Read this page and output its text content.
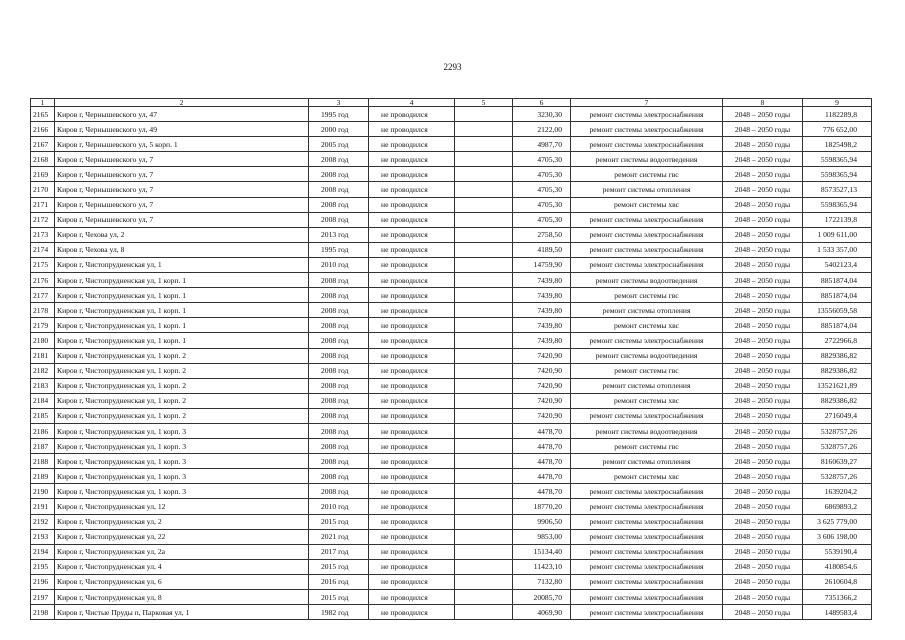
2293
1	2	3	4	5	6	7	8	9
2165	Киров г, Чернышевского ул, 47	1995 год	не проводился		3230,30	ремонт системы электроснабжения	2048 – 2050 годы	1182289,8
2166	Киров г, Чернышевского ул, 49	2000 год	не проводился		2122,00	ремонт системы электроснабжения	2048 – 2050 годы	776 652,00
2167	Киров г, Чернышевского ул, 5 корп. 1	2005 год	не проводился		4987,70	ремонт системы электроснабжения	2048 – 2050 годы	1825498,2
2168	Киров г, Чернышевского ул, 7	2008 год	не проводился		4705,30	ремонт системы водоотведения	2048 – 2050 годы	5598365,94
2169	Киров г, Чернышевского ул, 7	2008 год	не проводился		4705,30	ремонт системы гвс	2048 – 2050 годы	5598365,94
2170	Киров г, Чернышевского ул, 7	2008 год	не проводился		4705,30	ремонт системы отопления	2048 – 2050 годы	8573527,13
2171	Киров г, Чернышевского ул, 7	2008 год	не проводился		4705,30	ремонт системы хвс	2048 – 2050 годы	5598365,94
2172	Киров г, Чернышевского ул, 7	2008 год	не проводился		4705,30	ремонт системы электроснабжения	2048 – 2050 годы	1722139,8
2173	Киров г, Чехова ул, 2	2013 год	не проводился		2758,50	ремонт системы электроснабжения	2048 – 2050 годы	1 009 611,00
2174	Киров г, Чехова ул, 8	1995 год	не проводился		4189,50	ремонт системы электроснабжения	2048 – 2050 годы	1 533 357,00
2175	Киров г, Чистопрудненская ул, 1	2010 год	не проводился		14759,90	ремонт системы электроснабжения	2048 – 2050 годы	5402123,4
2176	Киров г, Чистопрудненская ул, 1 корп. 1	2008 год	не проводился		7439,80	ремонт системы водоотведения	2048 – 2050 годы	8851874,04
2177	Киров г, Чистопрудненская ул, 1 корп. 1	2008 год	не проводился		7439,80	ремонт системы гвс	2048 – 2050 годы	8851874,04
2178	Киров г, Чистопрудненская ул, 1 корп. 1	2008 год	не проводился		7439,80	ремонт системы отопления	2048 – 2050 годы	13556059,58
2179	Киров г, Чистопрудненская ул, 1 корп. 1	2008 год	не проводился		7439,80	ремонт системы хвс	2048 – 2050 годы	8851874,04
2180	Киров г, Чистопрудненская ул, 1 корп. 1	2008 год	не проводился		7439,80	ремонт системы электроснабжения	2048 – 2050 годы	2722966,8
2181	Киров г, Чистопрудненская ул, 1 корп. 2	2008 год	не проводился		7420,90	ремонт системы водоотведения	2048 – 2050 годы	8829386,82
2182	Киров г, Чистопрудненская ул, 1 корп. 2	2008 год	не проводился		7420,90	ремонт системы гвс	2048 – 2050 годы	8829386,82
2183	Киров г, Чистопрудненская ул, 1 корп. 2	2008 год	не проводился		7420,90	ремонт системы отопления	2048 – 2050 годы	13521621,89
2184	Киров г, Чистопрудненская ул, 1 корп. 2	2008 год	не проводился		7420,90	ремонт системы хвс	2048 – 2050 годы	8829386,82
2185	Киров г, Чистопрудненская ул, 1 корп. 2	2008 год	не проводился		7420,90	ремонт системы электроснабжения	2048 – 2050 годы	2716049,4
2186	Киров г, Чистопрудненская ул, 1 корп. 3	2008 год	не проводился		4478,70	ремонт системы водоотведения	2048 – 2050 годы	5328757,26
2187	Киров г, Чистопрудненская ул, 1 корп. 3	2008 год	не проводился		4478,70	ремонт системы гвс	2048 – 2050 годы	5328757,26
2188	Киров г, Чистопрудненская ул, 1 корп. 3	2008 год	не проводился		4478,70	ремонт системы отопления	2048 – 2050 годы	8160639,27
2189	Киров г, Чистопрудненская ул, 1 корп. 3	2008 год	не проводился		4478,70	ремонт системы хвс	2048 – 2050 годы	5328757,26
2190	Киров г, Чистопрудненская ул, 1 корп. 3	2008 год	не проводился		4478,70	ремонт системы электроснабжения	2048 – 2050 годы	1639204,2
2191	Киров г, Чистопрудненская ул, 12	2010 год	не проводился		18770,20	ремонт системы электроснабжения	2048 – 2050 годы	6869893,2
2192	Киров г, Чистопрудненская ул, 2	2015 год	не проводился		9906,50	ремонт системы электроснабжения	2048 – 2050 годы	3 625 779,00
2193	Киров г, Чистопрудненская ул, 22	2021 год	не проводился		9853,00	ремонт системы электроснабжения	2048 – 2050 годы	3 606 198,00
2194	Киров г, Чистопрудненская ул, 2а	2017 год	не проводился		15134,40	ремонт системы электроснабжения	2048 – 2050 годы	5539190,4
2195	Киров г, Чистопрудненская ул, 4	2015 год	не проводился		11423,10	ремонт системы электроснабжения	2048 – 2050 годы	4180854,6
2196	Киров г, Чистопрудненская ул, 6	2016 год	не проводился		7132,80	ремонт системы электроснабжения	2048 – 2050 годы	2610604,8
2197	Киров г, Чистопрудненская ул, 8	2015 год	не проводился		20085,70	ремонт системы электроснабжения	2048 – 2050 годы	7351366,2
2198	Киров г, Чистые Пруды п, Парковая ул, 1	1982 год	не проводился		4069,90	ремонт системы электроснабжения	2048 – 2050 годы	1489583,4
